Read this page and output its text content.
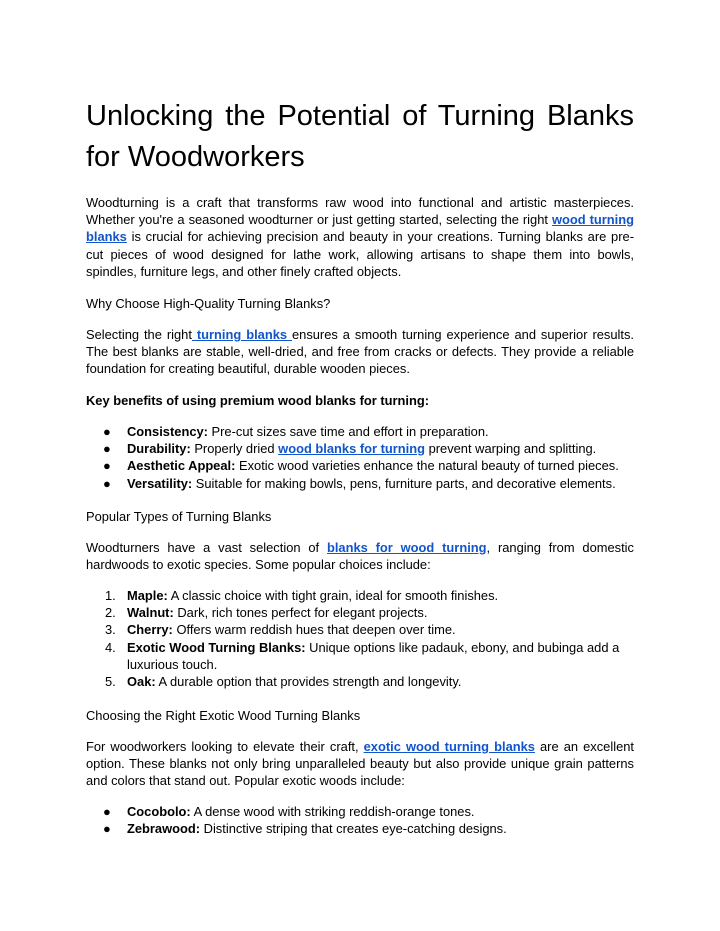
Unlocking the Potential of Turning Blanks for Woodworkers

Woodturning is a craft that transforms raw wood into functional and artistic masterpieces. Whether you're a seasoned woodturner or just getting started, selecting the right wood turning blanks is crucial for achieving precision and beauty in your creations. Turning blanks are pre-cut pieces of wood designed for lathe work, allowing artisans to shape them into bowls, spindles, furniture legs, and other finely crafted objects.

Why Choose High-Quality Turning Blanks?

Selecting the right turning blanks ensures a smooth turning experience and superior results. The best blanks are stable, well-dried, and free from cracks or defects. They provide a reliable foundation for creating beautiful, durable wooden pieces.

Key benefits of using premium wood blanks for turning:

● Consistency: Pre-cut sizes save time and effort in preparation.
● Durability: Properly dried wood blanks for turning prevent warping and splitting.
● Aesthetic Appeal: Exotic wood varieties enhance the natural beauty of turned pieces.
● Versatility: Suitable for making bowls, pens, furniture parts, and decorative elements.

Popular Types of Turning Blanks

Woodturners have a vast selection of blanks for wood turning, ranging from domestic hardwoods to exotic species. Some popular choices include:

1. Maple: A classic choice with tight grain, ideal for smooth finishes.
2. Walnut: Dark, rich tones perfect for elegant projects.
3. Cherry: Offers warm reddish hues that deepen over time.
4. Exotic Wood Turning Blanks: Unique options like padauk, ebony, and bubinga add a luxurious touch.
5. Oak: A durable option that provides strength and longevity.

Choosing the Right Exotic Wood Turning Blanks

For woodworkers looking to elevate their craft, exotic wood turning blanks are an excellent option. These blanks not only bring unparalleled beauty but also provide unique grain patterns and colors that stand out. Popular exotic woods include:

● Cocobolo: A dense wood with striking reddish-orange tones.
● Zebrawood: Distinctive striping that creates eye-catching designs.
